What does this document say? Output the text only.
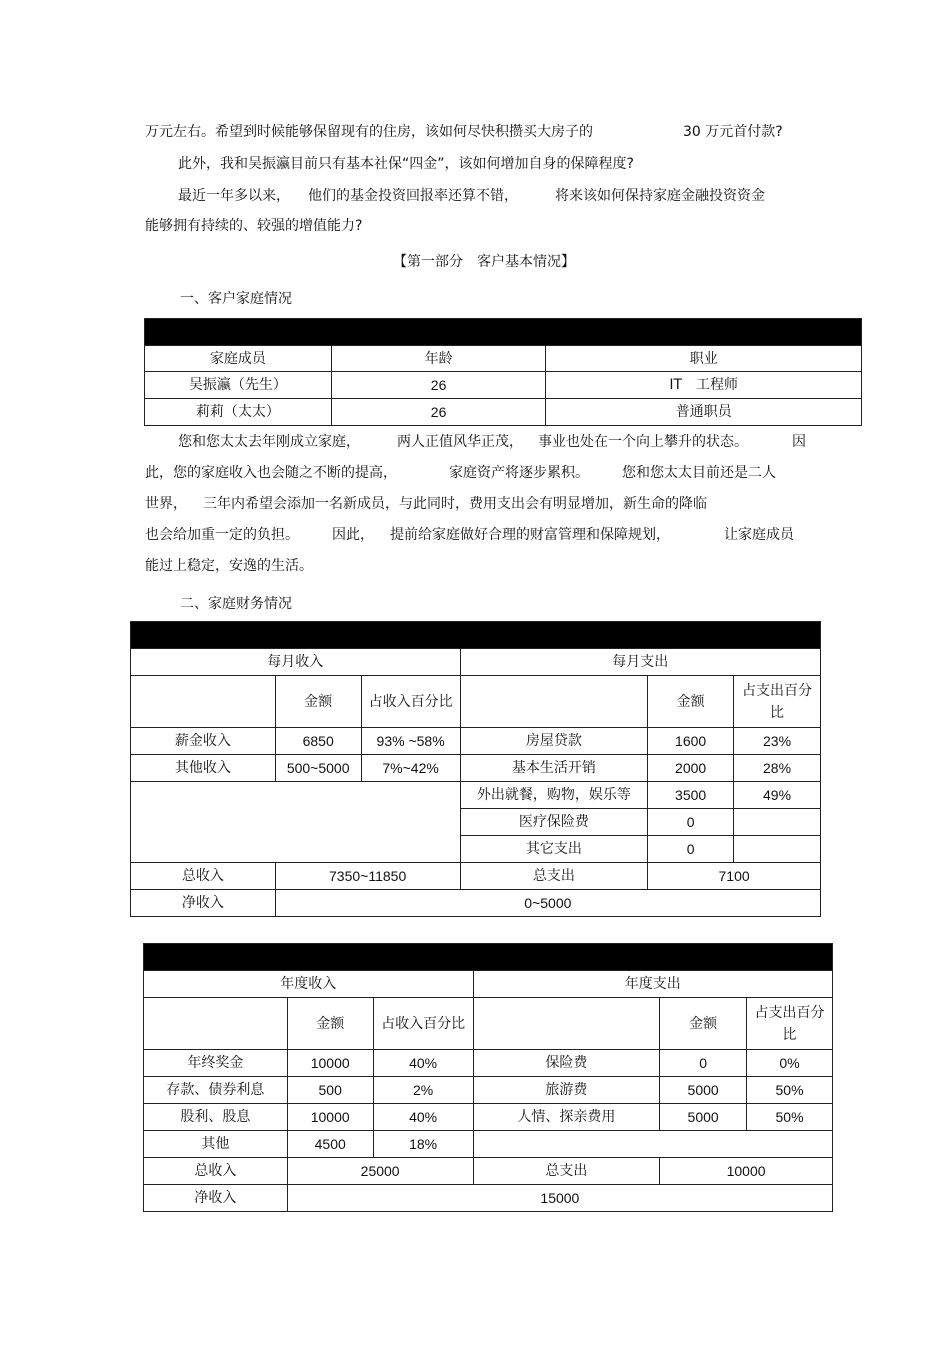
万元左右。希望到时候能够保留现有的住房，该如何尽快积攒买大房子的	30 万元首付款?
此外，我和吴振瀛目前只有基本社保“四金”，该如何增加自身的保障程度?
最近一年多以来， 他们的基金投资回报率还算不错，	将来该如何保持家庭金融投资资金
能够拥有持续的、较强的增值能力?
【第一部分　客户基本情况】
一、客户家庭情况

家庭成员	年龄	职业
吴振瀛（先生）	26	IT　工程师
莉莉（太太）	26	普通职员
您和您太太去年刚成立家庭，	两人正值风华正茂， 事业也处在一个向上攀升的状态。	因
此，您的家庭收入也会随之不断的提高，	家庭资产将逐步累积。 您和您太太目前还是二人
世界， 三年内希望会添加一名新成员，与此同时，费用支出会有明显增加，新生命的降临
也会给加重一定的负担。 因此， 提前给家庭做好合理的财富管理和保障规划，	让家庭成员
能过上稳定，安逸的生活。
二、家庭财务情况

每月收入			每月支出		
	金额	占收入百分比		金额	占支出百分比
薪金收入	6850	93% ~58%	房屋贷款	1600	23%
其他收入	500~5000	7%~42%	基本生活开销	2000	28%
			外出就餐，购物，娱乐等	3500	49%
			医疗保险费	0	
			其它支出	0	
总收入	7350~11850		总支出	7100	
净收入	0~5000				

年度收入			年度支出		
	金额	占收入百分比		金额	占支出百分比
年终奖金	10000	40%	保险费	0	0%
存款、债券利息	500	2%	旅游费	5000	50%
股利、股息	10000	40%	人情、探亲费用	5000	50%
其他	4500	18%			
总收入	25000		总支出	10000	
净收入	15000				
